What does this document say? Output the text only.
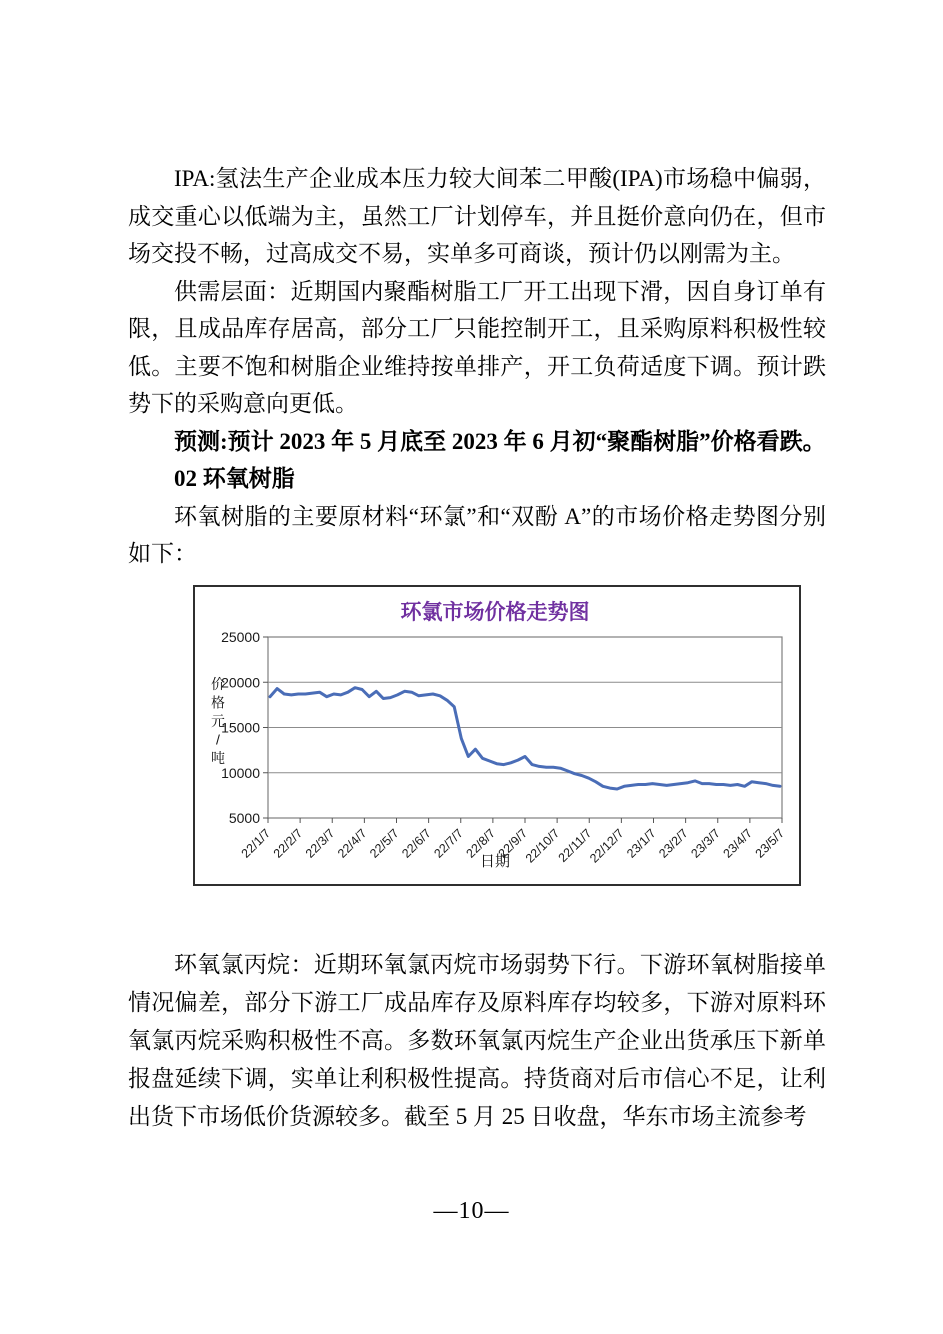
IPA:氢法生产企业成本压力较大间苯二甲酸(IPA)市场稳中偏弱，成交重心以低端为主，虽然工厂计划停车，并且挺价意向仍在，但市场交投不畅，过高成交不易，实单多可商谈，预计仍以刚需为主。

供需层面：近期国内聚酯树脂工厂开工出现下滑，因自身订单有限，且成品库存居高，部分工厂只能控制开工，且采购原料积极性较低。主要不饱和树脂企业维持按单排产，开工负荷适度下调。预计跌势下的采购意向更低。

预测:预计 2023 年 5 月底至 2023 年 6 月初“聚酯树脂”价格看跌。

02 环氧树脂

环氧树脂的主要原材料“环氯”和“双酚 A”的市场价格走势图分别如下：

环氯市场价格走势图
25000
20000
15000
10000
5000
22/1/7
22/2/7
22/3/7
22/4/7
22/5/7
22/6/7
22/7/7
22/8/7
22/9/7
22/10/7
22/11/7
22/12/7
23/1/7
23/2/7
23/3/7
23/4/7
23/5/7
日期
价格元/吨

环氧氯丙烷：近期环氧氯丙烷市场弱势下行。下游环氧树脂接单情况偏差，部分下游工厂成品库存及原料库存均较多，下游对原料环氧氯丙烷采购积极性不高。多数环氧氯丙烷生产企业出货承压下新单报盘延续下调，实单让利积极性提高。持货商对后市信心不足，让利出货下市场低价货源较多。截至 5 月 25 日收盘，华东市场主流参考

—10—
